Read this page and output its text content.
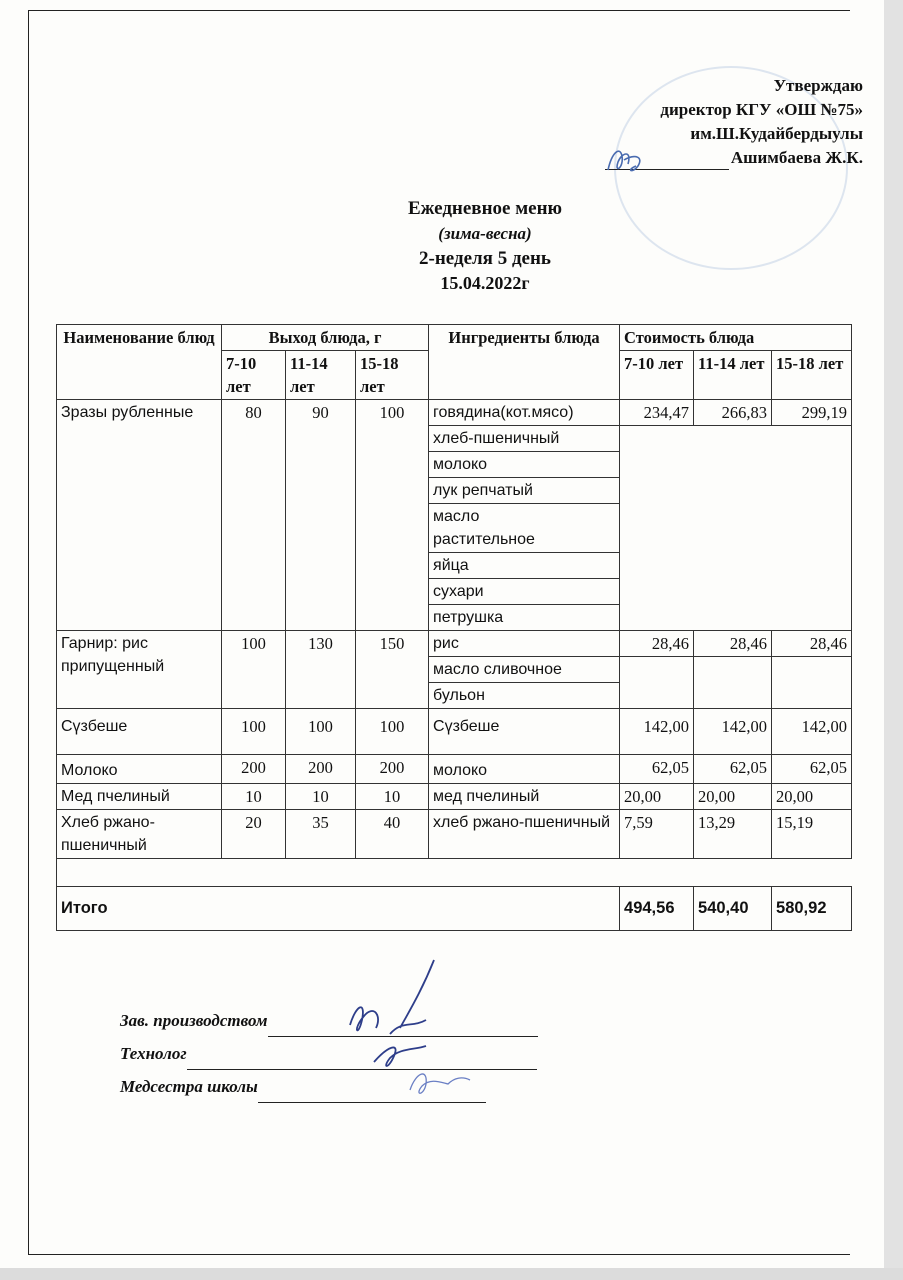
Утверждаю
директор КГУ «ОШ №75»
им.Ш.Кудайбердыулы
Ашимбаева Ж.К.
Ежедневное меню
(зима-весна)
2-неделя 5 день
15.04.2022г
Наименование блюд	Выход блюда, г			Ингредиенты блюда	Стоимость блюда		
	7-10 лет	11-14 лет	15-18 лет		7-10 лет	11-14 лет	15-18 лет
Зразы рубленные	80	90	100	говядина(кот.мясо)	234,47	266,83	299,19
				хлеб-пшеничный			
				молоко			
				лук репчатый			

				масло растительное			

				яйца			
				сухари			
				петрушка			
Гарнир: рис припущенный	100	130	150	рис	28,46	28,46	28,46
				масло сливочное			
				бульон			
Сүзбеше	100	100	100	Сүзбеше	142,00	142,00	142,00
Молоко	200	200	200	молоко	62,05	62,05	62,05
Мед пчелиный	10	10	10	мед пчелиный	20,00	20,00	20,00
Хлеб ржано-пшеничный	20	35	40	хлеб ржано-пшеничный	7,59	13,29	15,19

Итого					494,56	540,40	580,92
Зав. производством
Технолог
Медсестра школы
